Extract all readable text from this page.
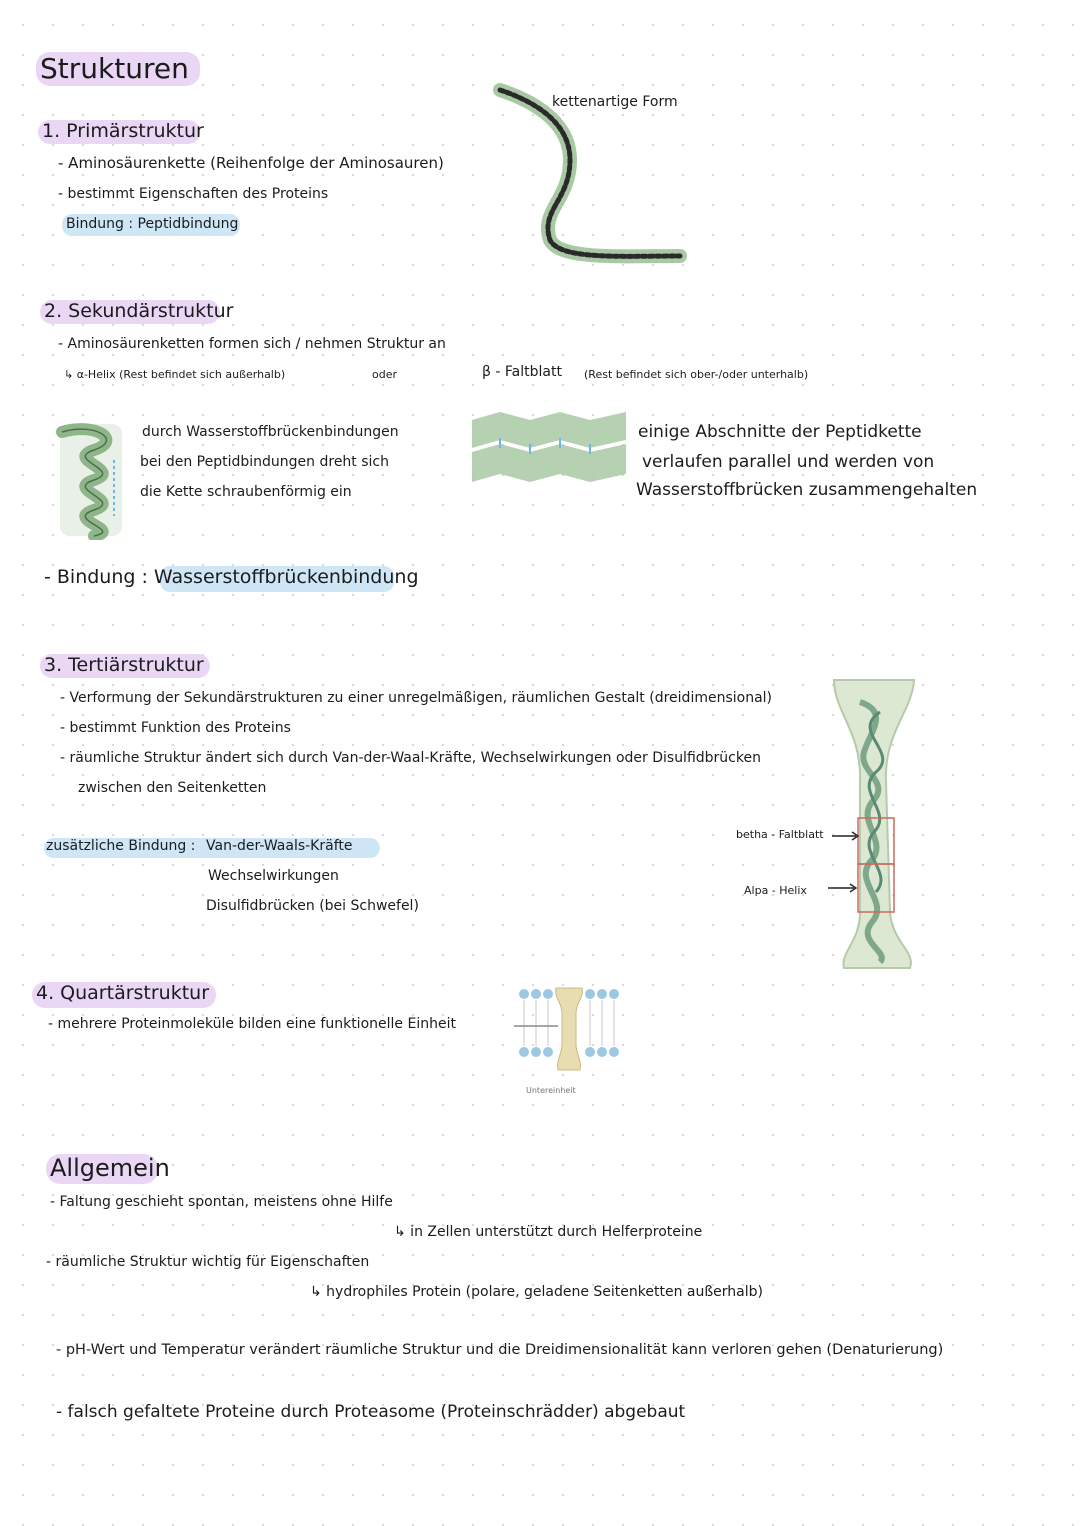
Strukturen
1. Primärstruktur
- Aminosäurenkette (Reihenfolge der Aminosauren)
- bestimmt Eigenschaften des Proteins
Bindung : Peptidbindung
kettenartige Form
2. Sekundärstruktur
- Aminosäurenketten formen sich / nehmen Struktur an
↳ α-Helix (Rest befindet sich außerhalb)	oder	β - Faltblatt (Rest befindet sich ober-/oder unterhalb)
durch Wasserstoffbrückenbindungen
bei den Peptidbindungen dreht sich
die Kette schraubenförmig ein
einige Abschnitte der Peptidkette
verlaufen parallel und werden von
Wasserstoffbrücken zusammengehalten
- Bindung : Wasserstoffbrückenbindung
3. Tertiärstruktur
- Verformung der Sekundärstrukturen zu einer unregelmäßigen, räumlichen Gestalt (dreidimensional)
- bestimmt Funktion des Proteins
- räumliche Struktur ändert sich durch Van-der-Waal-Kräfte, Wechselwirkungen oder Disulfidbrücken
zwischen den Seitenketten
zusätzliche Bindung : Van-der-Waals-Kräfte
Wechselwirkungen
Disulfidbrücken (bei Schwefel)
betha - Faltblatt
Alpa - Helix
4. Quartärstruktur
- mehrere Proteinmoleküle bilden eine funktionelle Einheit
Untereinheit
Allgemein
- Faltung geschieht spontan, meistens ohne Hilfe
↳ in Zellen unterstützt durch Helferproteine
- räumliche Struktur wichtig für Eigenschaften
↳ hydrophiles Protein (polare, geladene Seitenketten außerhalb)
- pH-Wert und Temperatur verändert räumliche Struktur und die Dreidimensionalität kann verloren gehen (Denaturierung)
- falsch gefaltete Proteine durch Proteasome (Proteinschrädder) abgebaut
